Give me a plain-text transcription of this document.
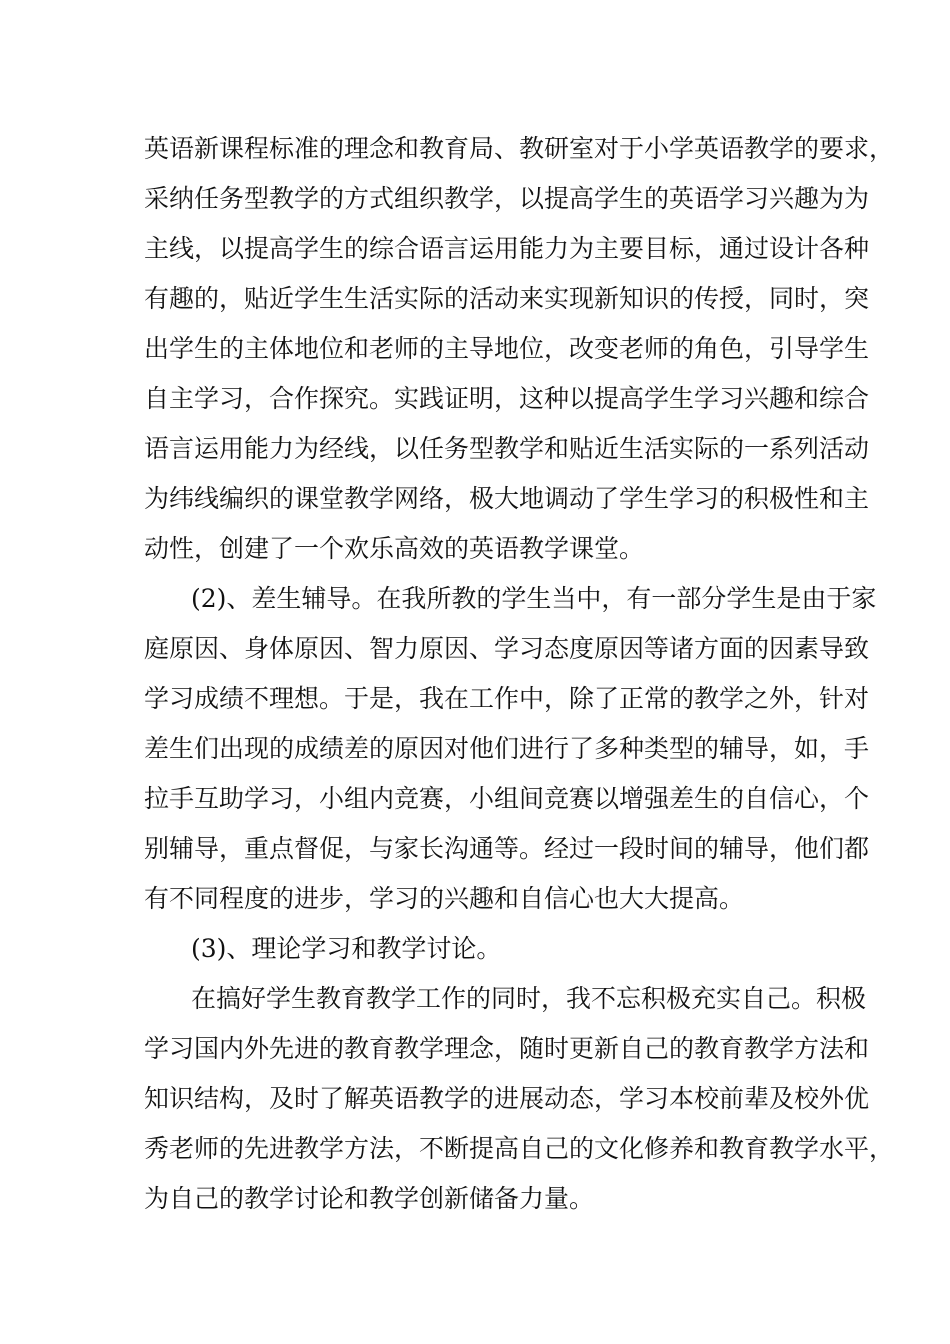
英语新课程标准的理念和教育局、教研室对于小学英语教学的要求，

采纳任务型教学的方式组织教学，以提高学生的英语学习兴趣为为

主线，以提高学生的综合语言运用能力为主要目标，通过设计各种

有趣的，贴近学生生活实际的活动来实现新知识的传授，同时，突

出学生的主体地位和老师的主导地位，改变老师的角色，引导学生

自主学习，合作探究。实践证明，这种以提高学生学习兴趣和综合

语言运用能力为经线，以任务型教学和贴近生活实际的一系列活动

为纬线编织的课堂教学网络，极大地调动了学生学习的积极性和主

动性，创建了一个欢乐高效的英语教学课堂。

(2)、差生辅导。在我所教的学生当中，有一部分学生是由于家

庭原因、身体原因、智力原因、学习态度原因等诸方面的因素导致

学习成绩不理想。于是，我在工作中，除了正常的教学之外，针对

差生们出现的成绩差的原因对他们进行了多种类型的辅导，如，手

拉手互助学习，小组内竞赛，小组间竞赛以增强差生的自信心，个

别辅导，重点督促，与家长沟通等。经过一段时间的辅导，他们都

有不同程度的进步，学习的兴趣和自信心也大大提高。

(3)、理论学习和教学讨论。

在搞好学生教育教学工作的同时，我不忘积极充实自己。积极

学习国内外先进的教育教学理念，随时更新自己的教育教学方法和

知识结构，及时了解英语教学的进展动态，学习本校前辈及校外优

秀老师的先进教学方法，不断提高自己的文化修养和教育教学水平，

为自己的教学讨论和教学创新储备力量。
